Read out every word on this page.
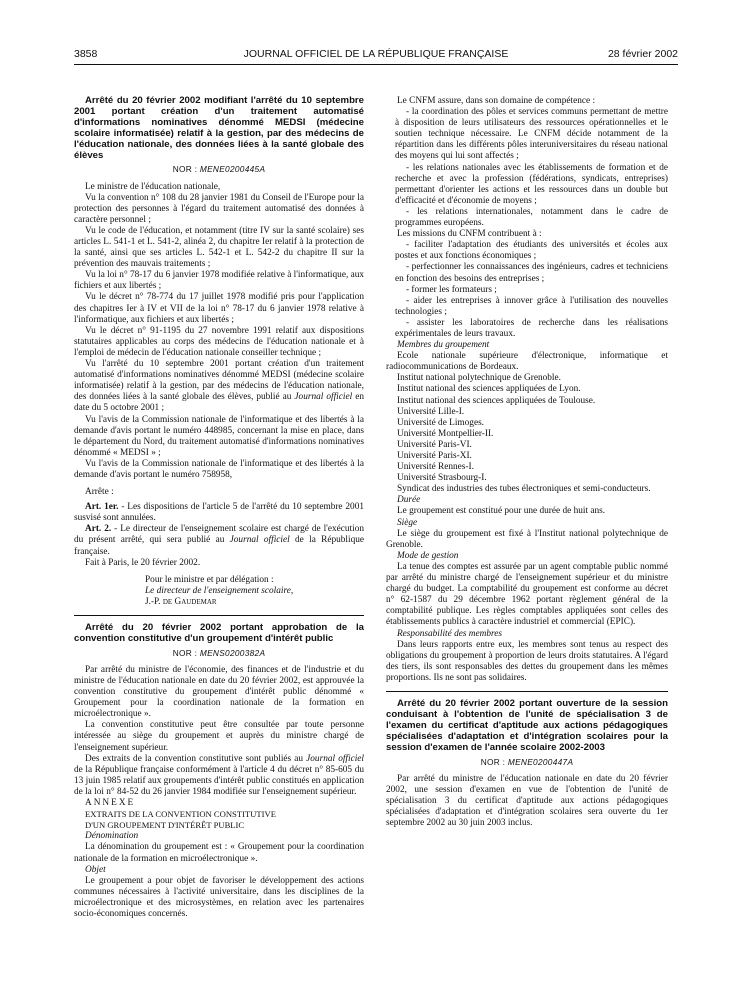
3858	JOURNAL OFFICIEL DE LA RÉPUBLIQUE FRANÇAISE	28 février 2002

Arrêté du 20 février 2002 modifiant l'arrêté du 10 septembre 2001 portant création d'un traitement automatisé d'informations nominatives dénommé MEDSI (médecine scolaire informatisée) relatif à la gestion, par des médecins de l'éducation nationale, des données liées à la santé globale des élèves

NOR : MENE0200445A

Le ministre de l'éducation nationale,

Vu la convention n° 108 du 28 janvier 1981 du Conseil de l'Europe pour la protection des personnes à l'égard du traitement automatisé des données à caractère personnel ;

Vu le code de l'éducation, et notamment (titre IV sur la santé scolaire) ses articles L. 541-1 et L. 541-2, alinéa 2, du chapitre Ier relatif à la protection de la santé, ainsi que ses articles L. 542-1 et L. 542-2 du chapitre II sur la prévention des mauvais traitements ;

Vu la loi n° 78-17 du 6 janvier 1978 modifiée relative à l'informatique, aux fichiers et aux libertés ;

Vu le décret n° 78-774 du 17 juillet 1978 modifié pris pour l'application des chapitres Ier à IV et VII de la loi n° 78-17 du 6 janvier 1978 relative à l'informatique, aux fichiers et aux libertés ;

Vu le décret n° 91-1195 du 27 novembre 1991 relatif aux dispositions statutaires applicables au corps des médecins de l'éducation nationale et à l'emploi de médecin de l'éducation nationale conseiller technique ;

Vu l'arrêté du 10 septembre 2001 portant création d'un traitement automatisé d'informations nominatives dénommé MEDSI (médecine scolaire informatisée) relatif à la gestion, par des médecins de l'éducation nationale, des données liées à la santé globale des élèves, publié au Journal officiel en date du 5 octobre 2001 ;

Vu l'avis de la Commission nationale de l'informatique et des libertés à la demande d'avis portant le numéro 448985, concernant la mise en place, dans le département du Nord, du traitement automatisé d'informations nominatives dénommé « MEDSI » ;

Vu l'avis de la Commission nationale de l'informatique et des libertés à la demande d'avis portant le numéro 758958,

Arrête :

Art. 1er. - Les dispositions de l'article 5 de l'arrêté du 10 septembre 2001 susvisé sont annulées.

Art. 2. - Le directeur de l'enseignement scolaire est chargé de l'exécution du présent arrêté, qui sera publié au Journal officiel de la République française.

Fait à Paris, le 20 février 2002.

Pour le ministre et par délégation :

Le directeur de l'enseignement scolaire,

J.-P. de Gaudemar

Arrêté du 20 février 2002 portant approbation de la convention constitutive d'un groupement d'intérêt public

NOR : MENS0200382A

Par arrêté du ministre de l'économie, des finances et de l'industrie et du ministre de l'éducation nationale en date du 20 février 2002, est approuvée la convention constitutive du groupement d'intérêt public dénommé « Groupement pour la coordination nationale de la formation en microélectronique ».

La convention constitutive peut être consultée par toute personne intéressée au siège du groupement et auprès du ministre chargé de l'enseignement supérieur.

Des extraits de la convention constitutive sont publiés au Journal officiel de la République française conformément à l'article 4 du décret n° 85-605 du 13 juin 1985 relatif aux groupements d'intérêt public constitués en application de la loi n° 84-52 du 26 janvier 1984 modifiée sur l'enseignement supérieur.

ANNEXE

EXTRAITS DE LA CONVENTION CONSTITUTIVE

D'UN GROUPEMENT D'INTÉRÊT PUBLIC

Dénomination

La dénomination du groupement est : « Groupement pour la coordination nationale de la formation en microélectronique ».

Objet

Le groupement a pour objet de favoriser le développement des actions communes nécessaires à l'activité universitaire, dans les disciplines de la microélectronique et des microsystèmes, en relation avec les partenaires socio-économiques concernés.

Le CNFM assure, dans son domaine de compétence :

- la coordination des pôles et services communs permettant de mettre à disposition de leurs utilisateurs des ressources opérationnelles et le soutien technique nécessaire. Le CNFM décide notamment de la répartition dans les différents pôles interuniversitaires du réseau national des moyens qui lui sont affectés ;

- les relations nationales avec les établissements de formation et de recherche et avec la profession (fédérations, syndicats, entreprises) permettant d'orienter les actions et les ressources dans un double but d'efficacité et d'économie de moyens ;

- les relations internationales, notamment dans le cadre de programmes européens.

Les missions du CNFM contribuent à :

- faciliter l'adaptation des étudiants des universités et écoles aux postes et aux fonctions économiques ;

- perfectionner les connaissances des ingénieurs, cadres et techniciens en fonction des besoins des entreprises ;

- former les formateurs ;

- aider les entreprises à innover grâce à l'utilisation des nouvelles technologies ;

- assister les laboratoires de recherche dans les réalisations expérimentales de leurs travaux.

Membres du groupement

Ecole nationale supérieure d'électronique, informatique et radiocommunications de Bordeaux.

Institut national polytechnique de Grenoble.

Institut national des sciences appliquées de Lyon.

Institut national des sciences appliquées de Toulouse.

Université Lille-I.

Université de Limoges.

Université Montpellier-II.

Université Paris-VI.

Université Paris-XI.

Université Rennes-I.

Université Strasbourg-I.

Syndicat des industries des tubes électroniques et semi-conducteurs.

Durée

Le groupement est constitué pour une durée de huit ans.

Siège

Le siège du groupement est fixé à l'Institut national polytechnique de Grenoble.

Mode de gestion

La tenue des comptes est assurée par un agent comptable public nommé par arrêté du ministre chargé de l'enseignement supérieur et du ministre chargé du budget. La comptabilité du groupement est conforme au décret n° 62-1587 du 29 décembre 1962 portant règlement général de la comptabilité publique. Les règles comptables appliquées sont celles des établissements publics à caractère industriel et commercial (EPIC).

Responsabilité des membres

Dans leurs rapports entre eux, les membres sont tenus au respect des obligations du groupement à proportion de leurs droits statutaires. A l'égard des tiers, ils sont responsables des dettes du groupement dans les mêmes proportions. Ils ne sont pas solidaires.

Arrêté du 20 février 2002 portant ouverture de la session conduisant à l'obtention de l'unité de spécialisation 3 de l'examen du certificat d'aptitude aux actions pédagogiques spécialisées d'adaptation et d'intégration scolaires pour la session d'examen de l'année scolaire 2002-2003

NOR : MENE0200447A

Par arrêté du ministre de l'éducation nationale en date du 20 février 2002, une session d'examen en vue de l'obtention de l'unité de spécialisation 3 du certificat d'aptitude aux actions pédagogiques spécialisées d'adaptation et d'intégration scolaires sera ouverte du 1er septembre 2002 au 30 juin 2003 inclus.
